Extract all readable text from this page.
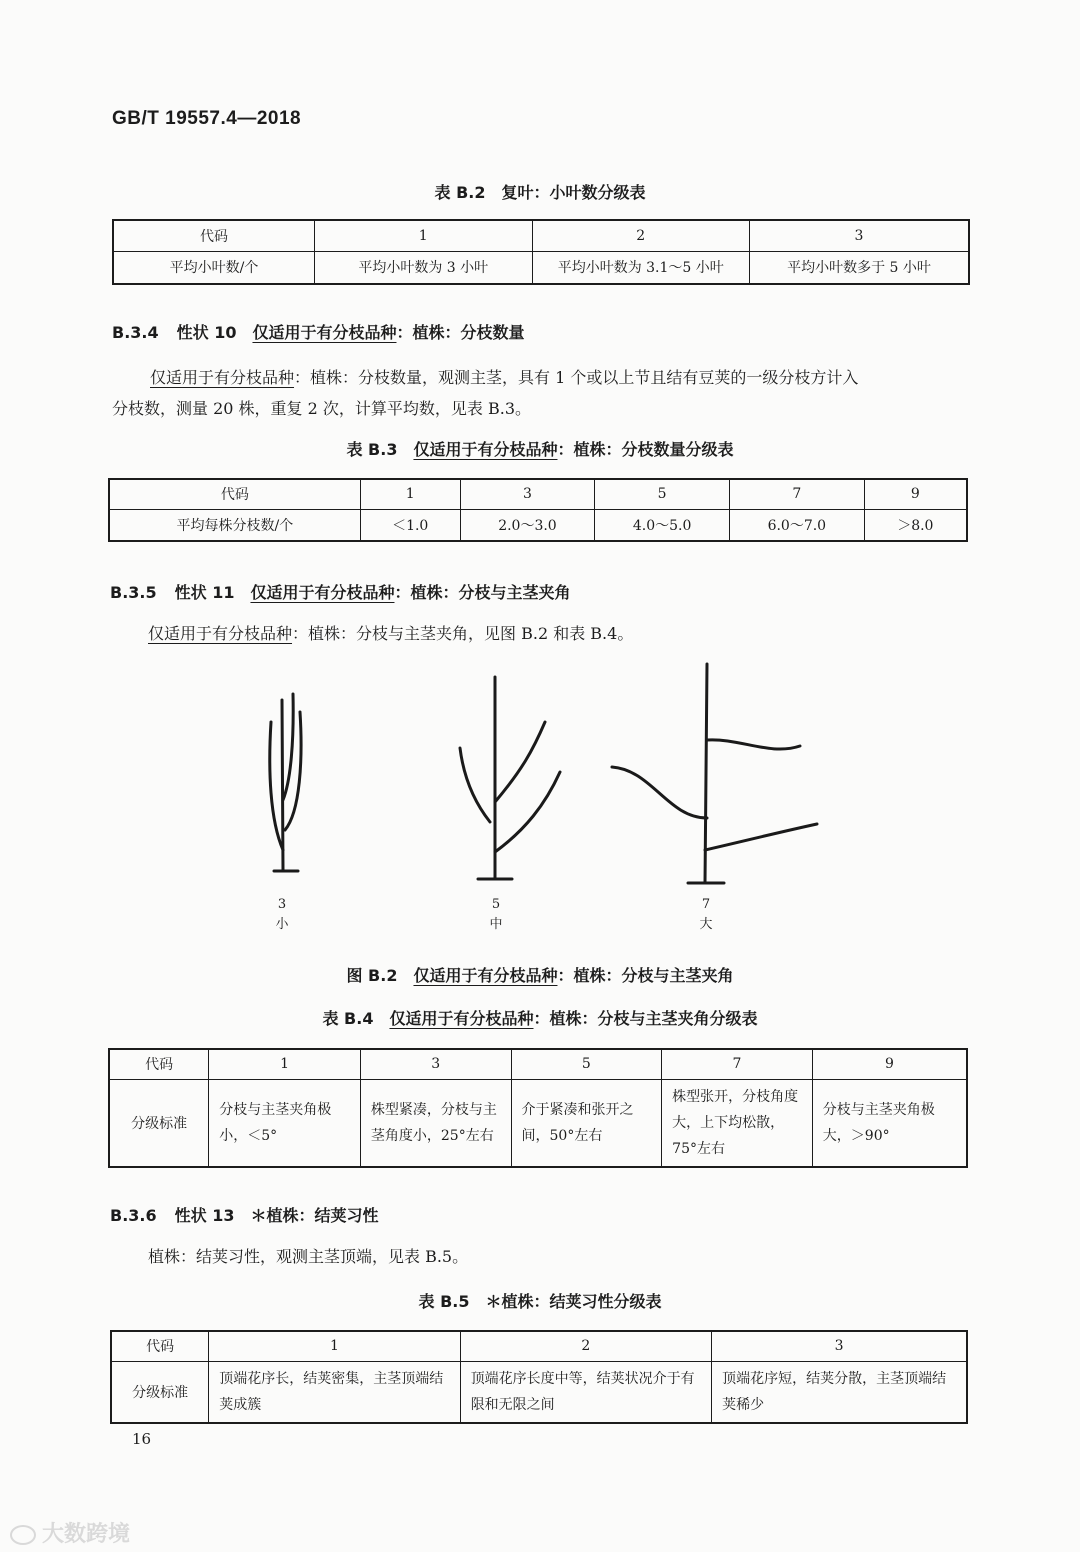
GB/T 19557.4—2018
表 B.2　复叶：小叶数分级表
代码	1	2	3
平均小叶数/个	平均小叶数为 3 小叶	平均小叶数为 3.1～5 小叶	平均小叶数多于 5 小叶
B.3.4 性状 10 仅适用于有分枝品种：植株：分枝数量
仅适用于有分枝品种：植株：分枝数量，观测主茎，具有 1 个或以上节且结有豆荚的一级分枝方计入
分枝数，测量 20 株，重复 2 次，计算平均数，见表 B.3。
表 B.3　仅适用于有分枝品种：植株：分枝数量分级表
代码	1	3	5	7	9
平均每株分枝数/个	＜1.0	2.0～3.0	4.0～5.0	6.0～7.0	＞8.0
B.3.5 性状 11 仅适用于有分枝品种：植株：分枝与主茎夹角
仅适用于有分枝品种：植株：分枝与主茎夹角，见图 B.2 和表 B.4。
3
小
5
中
7
大
图 B.2　仅适用于有分枝品种：植株：分枝与主茎夹角
表 B.4　仅适用于有分枝品种：植株：分枝与主茎夹角分级表
代码	1	3	5	7	9
分级标准	分枝与主茎夹角极小，＜5°	株型紧凑，分枝与主茎角度小，25°左右	介于紧凑和张开之间，50°左右	株型张开，分枝角度大，上下均松散，75°左右	分枝与主茎夹角极大，＞90°
B.3.6 性状 13 ＊植株：结荚习性
植株：结荚习性，观测主茎顶端，见表 B.5。
表 B.5　＊植株：结荚习性分级表
代码	1	2	3
分级标准	顶端花序长，结荚密集，主茎顶端结荚成簇	顶端花序长度中等，结荚状况介于有限和无限之间	顶端花序短，结荚分散，主茎顶端结荚稀少
16
大数跨境
